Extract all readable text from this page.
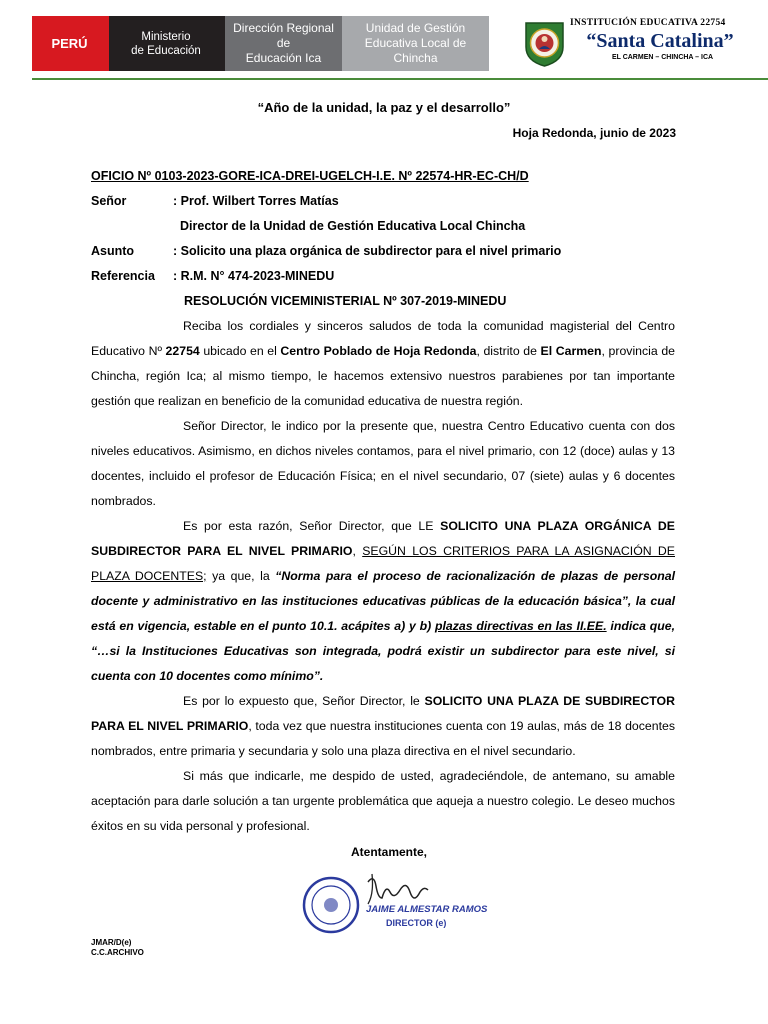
PERÚ	Ministerio
de Educación
Dirección Regional de
Educación Ica
Unidad de Gestión
Educativa Local de Chincha
INSTITUCIÓN EDUCATIVA 22754
“Santa Catalina”
EL CARMEN – CHINCHA – ICA
“Año de la unidad, la paz y el desarrollo”
Hoja Redonda, junio de 2023
OFICIO Nº 0103-2023-GORE-ICA-DREI-UGELCH-I.E. Nº 22574-HR-EC-CH/D
Señor	: Prof. Wilbert Torres Matías
Director de la Unidad de Gestión Educativa Local Chincha
Asunto	: Solicito una plaza orgánica de subdirector para el nivel primario
Referencia : R.M. N° 474-2023-MINEDU
RESOLUCIÓN VICEMINISTERIAL Nº 307-2019-MINEDU

Reciba los cordiales y sinceros saludos de toda la comunidad magisterial del Centro Educativo Nº 22754 ubicado en el Centro Poblado de Hoja Redonda, distrito de El Carmen, provincia de Chincha, región Ica; al mismo tiempo, le hacemos extensivo nuestros parabienes por tan importante gestión que realizan en beneficio de la comunidad educativa de nuestra región.

Señor Director, le indico por la presente que, nuestra Centro Educativo cuenta con dos niveles educativos. Asimismo, en dichos niveles contamos, para el nivel primario, con 12 (doce) aulas y 13 docentes, incluido el profesor de Educación Física; en el nivel secundario, 07 (siete) aulas y 6 docentes nombrados.

Es por esta razón, Señor Director, que LE SOLICITO UNA PLAZA ORGÁNICA DE SUBDIRECTOR PARA EL NIVEL PRIMARIO, SEGÚN LOS CRITERIOS PARA LA ASIGNACIÓN DE PLAZA DOCENTES; ya que, la “Norma para el proceso de racionalización de plazas de personal docente y administrativo en las instituciones educativas públicas de la educación básica”, la cual está en vigencia, estable en el punto 10.1. acápites a) y b) plazas directivas en las II.EE. indica que, “…si la Instituciones Educativas son integrada, podrá existir un subdirector para este nivel, si cuenta con 10 docentes como mínimo”.

Es por lo expuesto que, Señor Director, le SOLICITO UNA PLAZA DE SUBDIRECTOR PARA EL NIVEL PRIMARIO, toda vez que nuestra instituciones cuenta con 19 aulas, más de 18 docentes nombrados, entre primaria y secundaria y solo una plaza directiva en el nivel secundario.

Si más que indicarle, me despido de usted, agradeciéndole, de antemano, su amable aceptación para darle solución a tan urgente problemática que aqueja a nuestro colegio. Le deseo muchos éxitos en su vida personal y profesional.

Atentamente,
JAIME ALMESTAR RAMOS
DIRECTOR (e)
JMAR/D(e)
C.C.ARCHIVO
